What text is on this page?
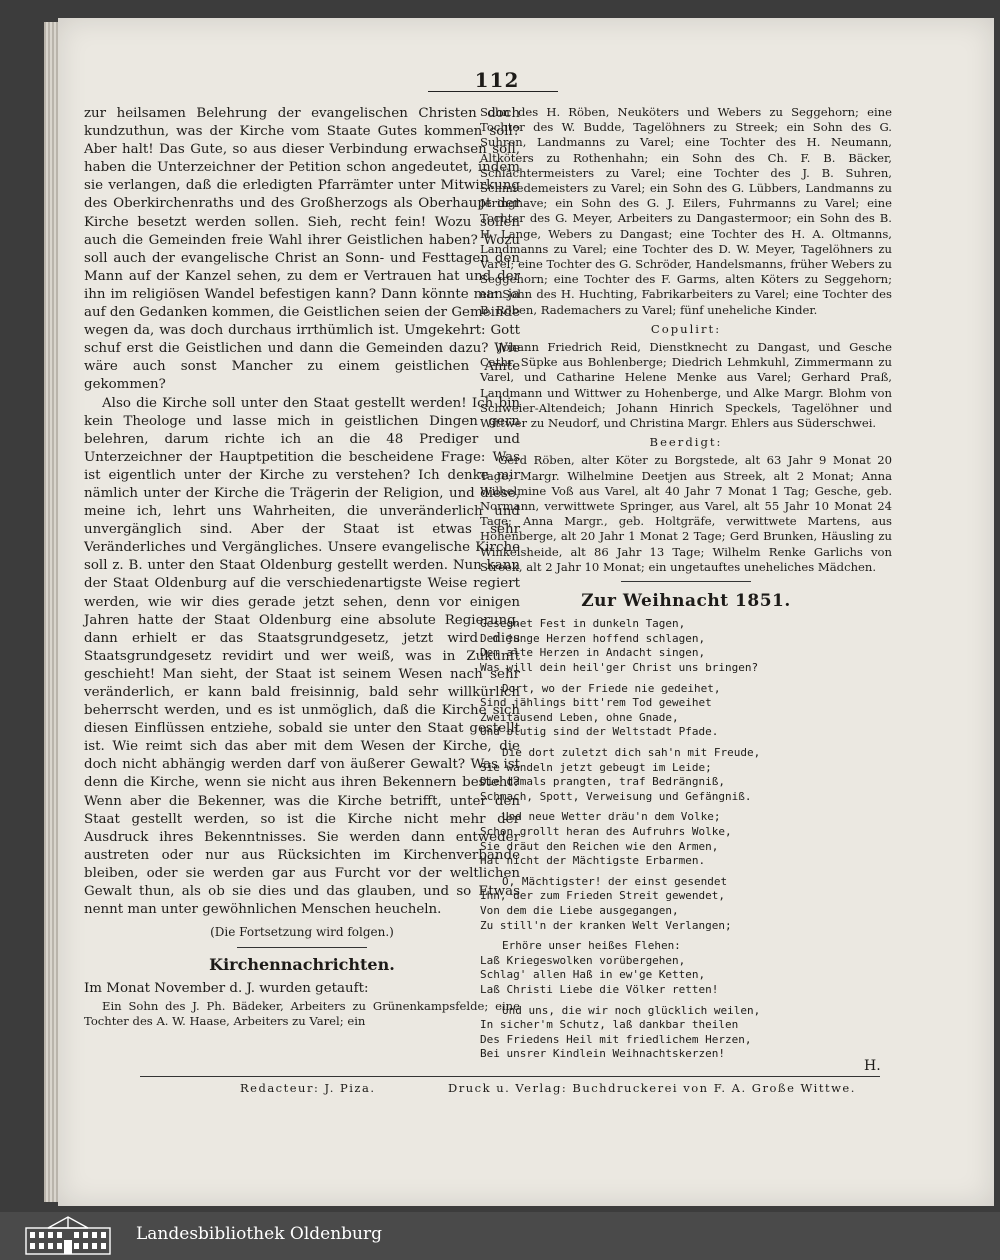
112

zur heilsamen Belehrung der evangelischen Christen doch kundzuthun, was der Kirche vom Staate Gutes kommen soll? Aber halt! Das Gute, so aus dieser Verbindung erwachsen soll, haben die Unterzeichner der Petition schon angedeutet, indem sie verlangen, daß die erledigten Pfarrämter unter Mitwirkung des Oberkirchenraths und des Großherzogs als Oberhaupt der Kirche besetzt werden sollen. Sieh, recht fein! Wozu sollen auch die Gemeinden freie Wahl ihrer Geistlichen haben? Wozu soll auch der evangelische Christ an Sonn- und Festtagen den Mann auf der Kanzel sehen, zu dem er Vertrauen hat und der ihn im religiösen Wandel befestigen kann? Dann könnte man ja auf den Gedanken kommen, die Geistlichen seien der Gemeinde wegen da, was doch durchaus irrthümlich ist. Umgekehrt: Gott schuf erst die Geistlichen und dann die Gemeinden dazu? Wie wäre auch sonst Mancher zu einem geistlichen Amte gekommen?

Also die Kirche soll unter den Staat gestellt werden! Ich bin kein Theologe und lasse mich in geistlichen Dingen gern belehren, darum richte ich an die 48 Prediger und Unterzeichner der Hauptpetition die bescheidene Frage: Was ist eigentlich unter der Kirche zu verstehen? Ich denke mir nämlich unter der Kirche die Trägerin der Religion, und diese, meine ich, lehrt uns Wahrheiten, die unveränderlich und unvergänglich sind. Aber der Staat ist etwas sehr Veränderliches und Vergängliches. Unsere evangelische Kirche soll z. B. unter den Staat Oldenburg gestellt werden. Nun kann der Staat Oldenburg auf die verschiedenartigste Weise regiert werden, wie wir dies gerade jetzt sehen, denn vor einigen Jahren hatte der Staat Oldenburg eine absolute Regierung, dann erhielt er das Staatsgrundgesetz, jetzt wird dies Staatsgrundgesetz revidirt und wer weiß, was in Zukunft geschieht! Man sieht, der Staat ist seinem Wesen nach sehr veränderlich, er kann bald freisinnig, bald sehr willkürlich beherrscht werden, und es ist unmöglich, daß die Kirche sich diesen Einflüssen entziehe, sobald sie unter den Staat gestellt ist. Wie reimt sich das aber mit dem Wesen der Kirche, die doch nicht abhängig werden darf von äußerer Gewalt? Was ist denn die Kirche, wenn sie nicht aus ihren Bekennern besteht? Wenn aber die Bekenner, was die Kirche betrifft, unter den Staat gestellt werden, so ist die Kirche nicht mehr der Ausdruck ihres Bekenntnisses. Sie werden dann entweder austreten oder nur aus Rücksichten im Kirchenverbande bleiben, oder sie werden gar aus Furcht vor der weltlichen Gewalt thun, als ob sie dies und das glauben, und so Etwas nennt man unter gewöhnlichen Menschen heucheln.

(Die Fortsetzung wird folgen.)
Kirchennachrichten.

Im Monat November d. J. wurden getauft:

Ein Sohn des J. Ph. Bädeker, Arbeiters zu Grünenkampsfelde; eine Tochter des A. W. Haase, Arbeiters zu Varel; ein

Sohn des H. Röben, Neuköters und Webers zu Seggehorn; eine Tochter des W. Budde, Tagelöhners zu Streek; ein Sohn des G. Suhren, Landmanns zu Varel; eine Tochter des H. Neumann, Altköters zu Rothenhahn; ein Sohn des Ch. F. B. Bäcker, Schlächtermeisters zu Varel; eine Tochter des J. B. Suhren, Schmiedemeisters zu Varel; ein Sohn des G. Lübbers, Landmanns zu Jeringhave; ein Sohn des G. J. Eilers, Fuhrmanns zu Varel; eine Tochter des G. Meyer, Arbeiters zu Dangastermoor; ein Sohn des B. H. Lange, Webers zu Dangast; eine Tochter des H. A. Oltmanns, Landmanns zu Varel; eine Tochter des D. W. Meyer, Tagelöhners zu Varel; eine Tochter des G. Schröder, Handelsmanns, früher Webers zu Seggehorn; eine Tochter des F. Garms, alten Köters zu Seggehorn; ein Sohn des H. Huchting, Fabrikarbeiters zu Varel; eine Tochter des B. Röben, Rademachers zu Varel; fünf uneheliche Kinder.

Copulirt:

Johann Friedrich Reid, Dienstknecht zu Dangast, und Gesche Cathr. Süpke aus Bohlenberge; Diedrich Lehmkuhl, Zimmermann zu Varel, und Catharine Helene Menke aus Varel; Gerhard Praß, Landmann und Wittwer zu Hohenberge, und Alke Margr. Blohm von Schweier-Altendeich; Johann Hinrich Speckels, Tagelöhner und Wittwer zu Neudorf, und Christina Margr. Ehlers aus Süderschwei.

Beerdigt:

Gerd Röben, alter Köter zu Borgstede, alt 63 Jahr 9 Monat 20 Tage; Margr. Wilhelmine Deetjen aus Streek, alt 2 Monat; Anna Wilhelmine Voß aus Varel, alt 40 Jahr 7 Monat 1 Tag; Gesche, geb. Normann, verwittwete Springer, aus Varel, alt 55 Jahr 10 Monat 24 Tage; Anna Margr., geb. Holtgräfe, verwittwete Martens, aus Hohenberge, alt 20 Jahr 1 Monat 2 Tage; Gerd Brunken, Häusling zu Winkelsheide, alt 86 Jahr 13 Tage; Wilhelm Renke Garlichs von Streek, alt 2 Jahr 10 Monat; ein ungetauftes uneheliches Mädchen.

Zur Weihnacht 1851.
Gesegnet Fest in dunkeln Tagen,
Dem junge Herzen hoffend schlagen,
Dem alte Herzen in Andacht singen,
Was will dein heil'ger Christ uns bringen?
Dort, wo der Friede nie gedeihet,
Sind jählings bitt'rem Tod geweihet
Zweitausend Leben, ohne Gnade,
Und blutig sind der Weltstadt Pfade.
Die dort zuletzt dich sah'n mit Freude,
Sie wandeln jetzt gebeugt im Leide;
Die damals prangten, traf Bedrängniß,
Schmach, Spott, Verweisung und Gefängniß.
Und neue Wetter dräu'n dem Volke;
Schon grollt heran des Aufruhrs Wolke,
Sie dräut den Reichen wie den Armen,
Hat nicht der Mächtigste Erbarmen.
O, Mächtigster! der einst gesendet
Ihn, der zum Frieden Streit gewendet,
Von dem die Liebe ausgegangen,
Zu still'n der kranken Welt Verlangen;
Erhöre unser heißes Flehen:
Laß Kriegeswolken vorübergehen,
Schlag' allen Haß in ew'ge Ketten,
Laß Christi Liebe die Völker retten!
Und uns, die wir noch glücklich weilen,
In sicher'm Schutz, laß dankbar theilen
Des Friedens Heil mit friedlichem Herzen,
Bei unsrer Kindlein Weihnachtskerzen!
H.
Redacteur: J. Piza.	Druck u. Verlag: Buchdruckerei von F. A. Große Wittwe.
Landesbibliothek Oldenburg
